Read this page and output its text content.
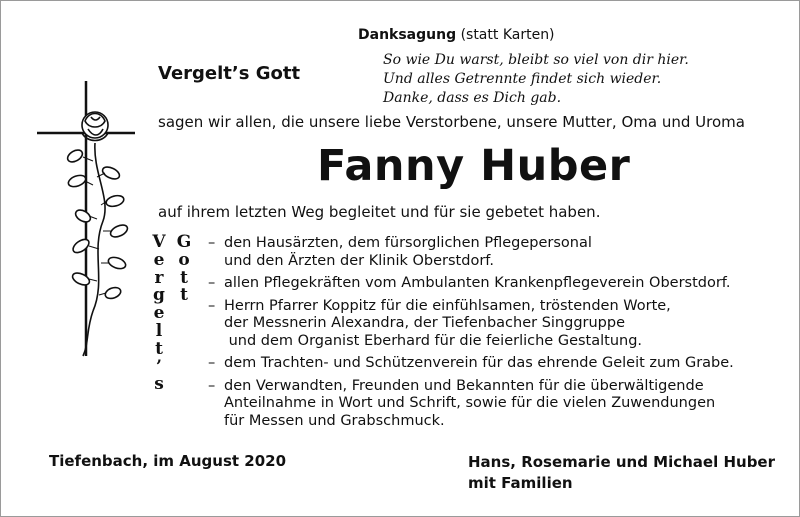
Danksagung (statt Karten)
So wie Du warst, bleibt so viel von dir hier.
Und alles Getrennte findet sich wieder.
Danke, dass es Dich gab.
Vergelt’s Gott
sagen wir allen, die unsere liebe Verstorbene, unsere Mutter, Oma und Uroma
Fanny Huber
auf ihrem letzten Weg begleitet und für sie gebetet haben.
V
e
r
g
e
l
t
’
s
G
o
t
t
– den Hausärzten, dem fürsorglichen Pflegepersonal
und den Ärzten der Klinik Oberstdorf.
– allen Pflegekräften vom Ambulanten Krankenpflegeverein Oberstdorf.
– Herrn Pfarrer Koppitz für die einfühlsamen, tröstenden Worte,
der Messnerin Alexandra, der Tiefenbacher Singgruppe
und dem Organist Eberhard für die feierliche Gestaltung.
– dem Trachten- und Schützenverein für das ehrende Geleit zum Grabe.
– den Verwandten, Freunden und Bekannten für die überwältigende
Anteilnahme in Wort und Schrift, sowie für die vielen Zuwendungen
für Messen und Grabschmuck.
Tiefenbach, im August 2020	Hans, Rosemarie und Michael Huber
mit Familien
